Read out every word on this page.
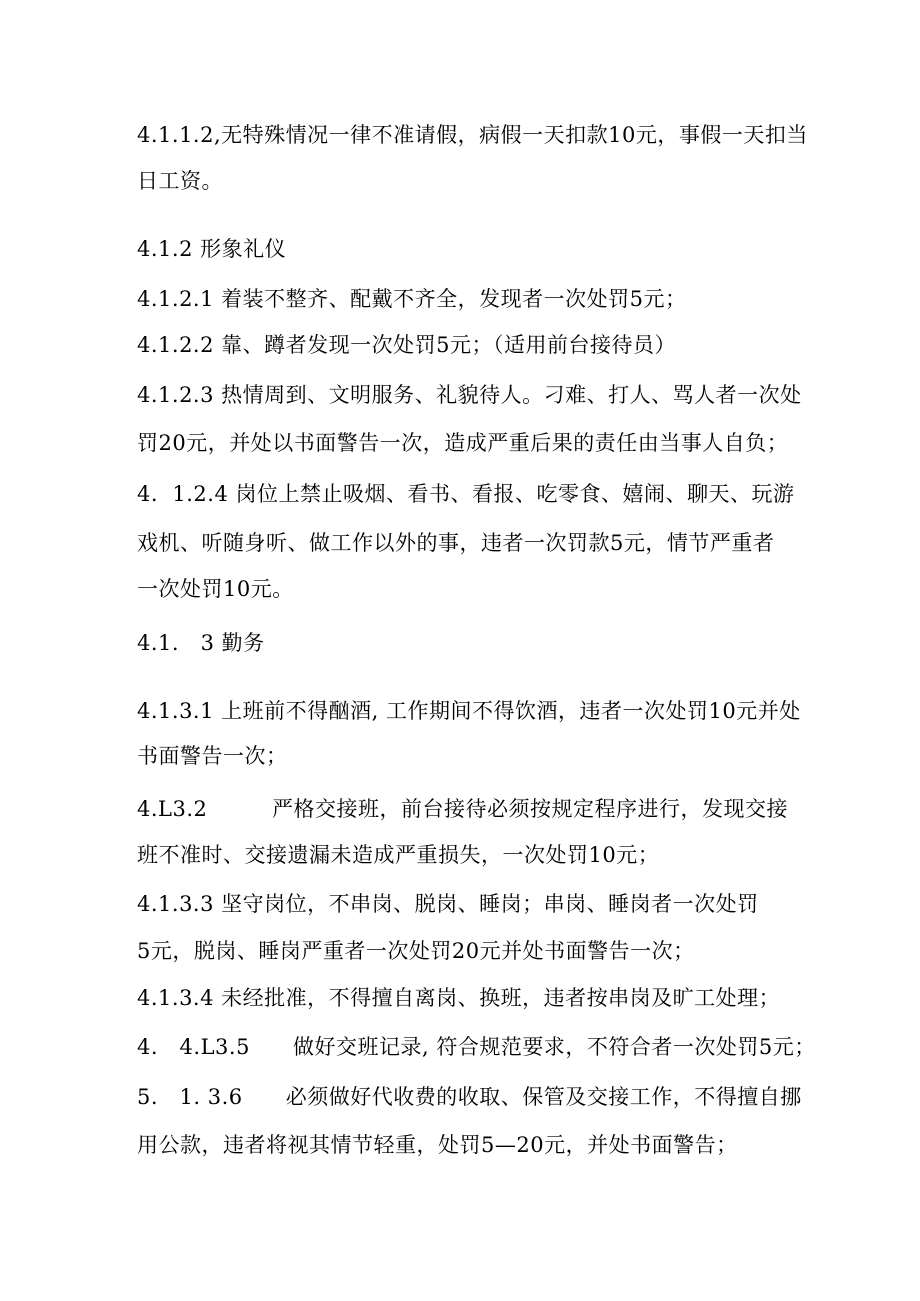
4.1.1.2,无特殊情况一律不准请假，病假一天扣款10元，事假一天扣当

日工资。

4.1.2 形象礼仪

4.1.2.1 着装不整齐、配戴不齐全，发现者一次处罚5元；

4.1.2.2 靠、蹲者发现一次处罚5元；（适用前台接待员）

4.1.2.3 热情周到、文明服务、礼貌待人。刁难、打人、骂人者一次处

罚20元，并处以书面警告一次，造成严重后果的责任由当事人自负；

4.  1.2.4 岗位上禁止吸烟、看书、看报、吃零食、嬉闹、聊天、玩游

戏机、听随身听、做工作以外的事，违者一次罚款5元，情节严重者

一次处罚10元。

4.1.   3 勤务

4.1.3.1 上班前不得酗酒, 工作期间不得饮酒，违者一次处罚10元并处

书面警告一次；

4.L3.2         严格交接班，前台接待必须按规定程序进行，发现交接

班不准时、交接遗漏未造成严重损失，一次处罚10元；

4.1.3.3 坚守岗位，不串岗、脱岗、睡岗；串岗、睡岗者一次处罚

5元，脱岗、睡岗严重者一次处罚20元并处书面警告一次；

4.1.3.4 未经批准，不得擅自离岗、换班，违者按串岗及旷工处理；

4.   4.L3.5      做好交班记录, 符合规范要求，不符合者一次处罚5元；

5.   1. 3.6      必须做好代收费的收取、保管及交接工作，不得擅自挪

用公款，违者将视其情节轻重，处罚5—20元，并处书面警告；
